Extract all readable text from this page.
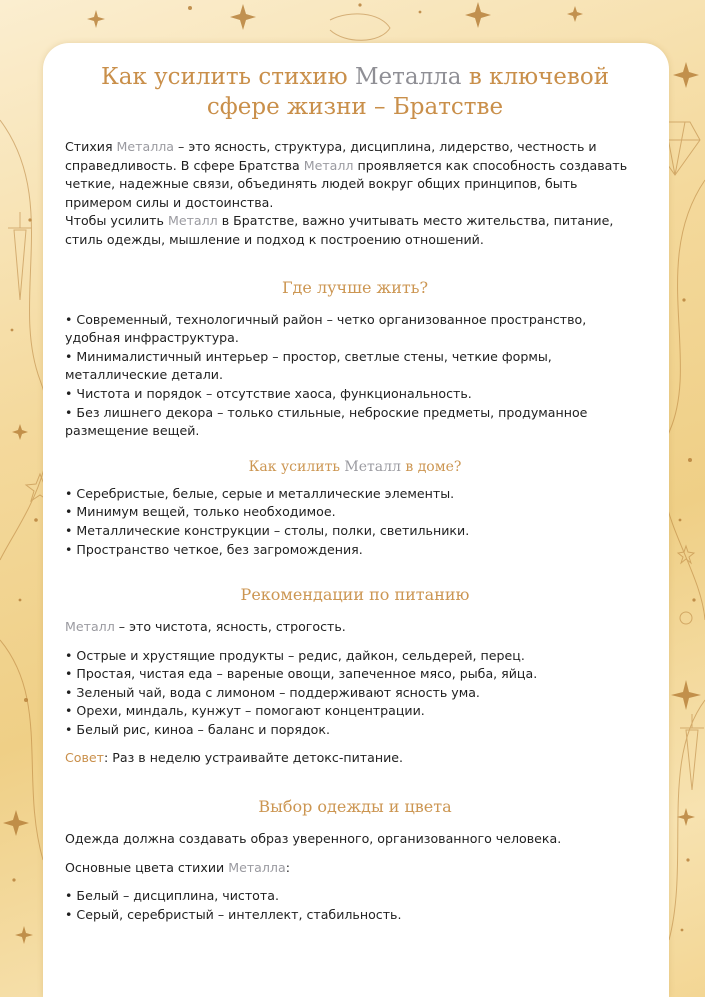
Как усилить стихию Металла в ключевой сфере жизни – Братстве

Стихия Металла – это ясность, структура, дисциплина, лидерство, честность и справедливость. В сфере Братства Металл проявляется как способность создавать четкие, надежные связи, объединять людей вокруг общих принципов, быть примером силы и достоинства.

Чтобы усилить Металл в Братстве, важно учитывать место жительства, питание, стиль одежды, мышление и подход к построению отношений.

Где лучше жить?

• Современный, технологичный район – четко организованное пространство, удобная инфраструктура.

• Минималистичный интерьер – простор, светлые стены, четкие формы, металлические детали.

• Чистота и порядок – отсутствие хаоса, функциональность.

• Без лишнего декора – только стильные, неброские предметы, продуманное размещение вещей.

Как усилить Металл в доме?

• Серебристые, белые, серые и металлические элементы.

• Минимум вещей, только необходимое.

• Металлические конструкции – столы, полки, светильники.

• Пространство четкое, без загромождения.

Рекомендации по питанию

Металл – это чистота, ясность, строгость.

• Острые и хрустящие продукты – редис, дайкон, сельдерей, перец.

• Простая, чистая еда – вареные овощи, запеченное мясо, рыба, яйца.

• Зеленый чай, вода с лимоном – поддерживают ясность ума.

• Орехи, миндаль, кунжут – помогают концентрации.

• Белый рис, киноа – баланс и порядок.

Совет: Раз в неделю устраивайте детокс-питание.

Выбор одежды и цвета

Одежда должна создавать образ уверенного, организованного человека.

Основные цвета стихии Металла:

• Белый – дисциплина, чистота.

• Серый, серебристый – интеллект, стабильность.
